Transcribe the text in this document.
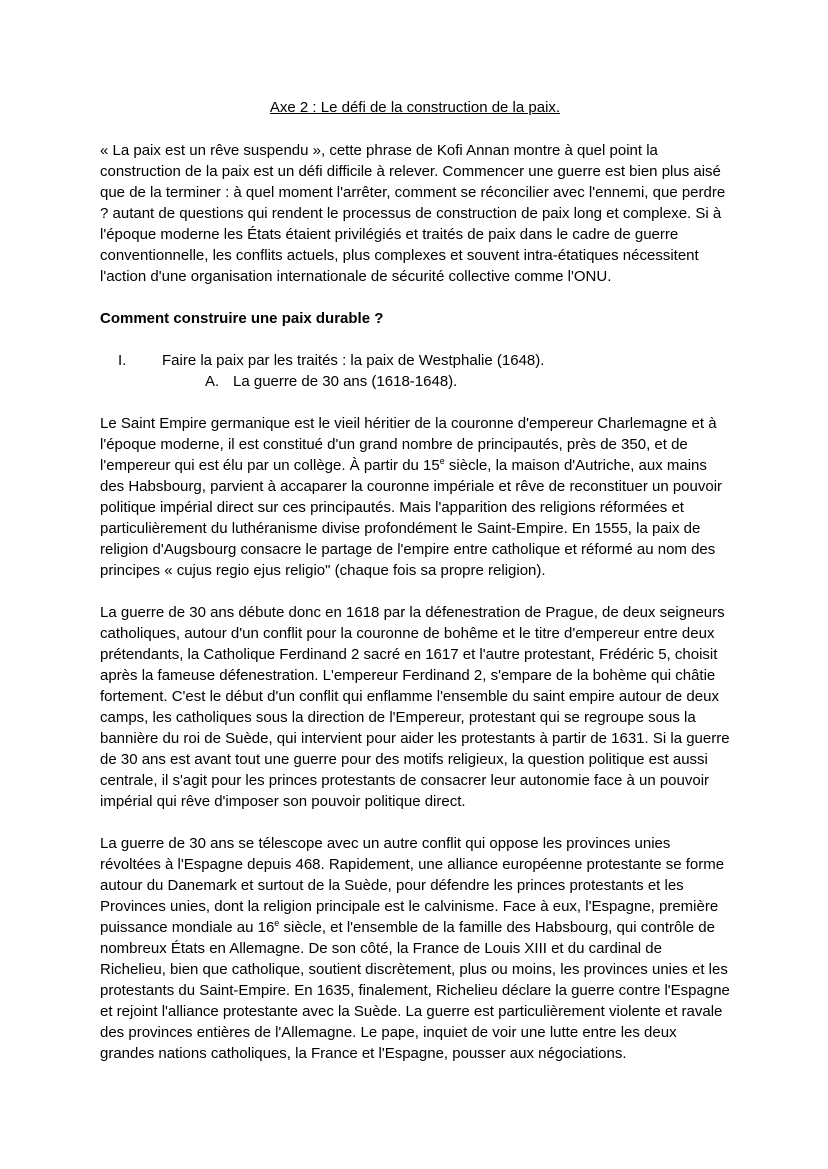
Axe 2 : Le défi de la construction de la paix.

« La paix est un rêve suspendu », cette phrase de Kofi Annan montre à quel point la construction de la paix est un défi difficile à relever. Commencer une guerre est bien plus aisé que de la terminer : à quel moment l'arrêter, comment se réconcilier avec l'ennemi, que perdre ? autant de questions qui rendent le processus de construction de paix long et complexe. Si à l'époque moderne les États étaient privilégiés et traités de paix dans le cadre de guerre conventionnelle, les conflits actuels, plus complexes et souvent intra-étatiques nécessitent l'action d'une organisation internationale de sécurité collective comme l'ONU.

Comment construire une paix durable ?
I.	Faire la paix par les traités : la paix de Westphalie (1648).
A. La guerre de 30 ans (1618-1648).

Le Saint Empire germanique est le vieil héritier de la couronne d'empereur Charlemagne et à l'époque moderne, il est constitué d'un grand nombre de principautés, près de 350, et de l'empereur qui est élu par un collège. À partir du 15e siècle, la maison d'Autriche, aux mains des Habsbourg, parvient à accaparer la couronne impériale et rêve de reconstituer un pouvoir politique impérial direct sur ces principautés. Mais l'apparition des religions réformées et particulièrement du luthéranisme divise profondément le Saint-Empire. En 1555, la paix de religion d'Augsbourg consacre le partage de l'empire entre catholique et réformé au nom des principes « cujus regio ejus religio" (chaque fois sa propre religion).

La guerre de 30 ans débute donc en 1618 par la défenestration de Prague, de deux seigneurs catholiques, autour d'un conflit pour la couronne de bohême et le titre d'empereur entre deux prétendants, la Catholique Ferdinand 2 sacré en 1617 et l'autre protestant, Frédéric 5, choisit après la fameuse défenestration. L'empereur Ferdinand 2, s'empare de la bohème qui châtie fortement. C'est le début d'un conflit qui enflamme l'ensemble du saint empire autour de deux camps, les catholiques sous la direction de l'Empereur, protestant qui se regroupe sous la bannière du roi de Suède, qui intervient pour aider les protestants à partir de 1631. Si la guerre de 30 ans est avant tout une guerre pour des motifs religieux, la question politique est aussi centrale, il s'agit pour les princes protestants de consacrer leur autonomie face à un pouvoir impérial qui rêve d'imposer son pouvoir politique direct.

La guerre de 30 ans se télescope avec un autre conflit qui oppose les provinces unies révoltées à l'Espagne depuis 468. Rapidement, une alliance européenne protestante se forme autour du Danemark et surtout de la Suède, pour défendre les princes protestants et les Provinces unies, dont la religion principale est le calvinisme. Face à eux, l'Espagne, première puissance mondiale au 16e siècle, et l'ensemble de la famille des Habsbourg, qui contrôle de nombreux États en Allemagne. De son côté, la France de Louis XIII et du cardinal de Richelieu, bien que catholique, soutient discrètement, plus ou moins, les provinces unies et les protestants du Saint-Empire. En 1635, finalement, Richelieu déclare la guerre contre l'Espagne et rejoint l'alliance protestante avec la Suède. La guerre est particulièrement violente et ravale des provinces entières de l'Allemagne. Le pape, inquiet de voir une lutte entre les deux grandes nations catholiques, la France et l'Espagne, pousser aux négociations.
